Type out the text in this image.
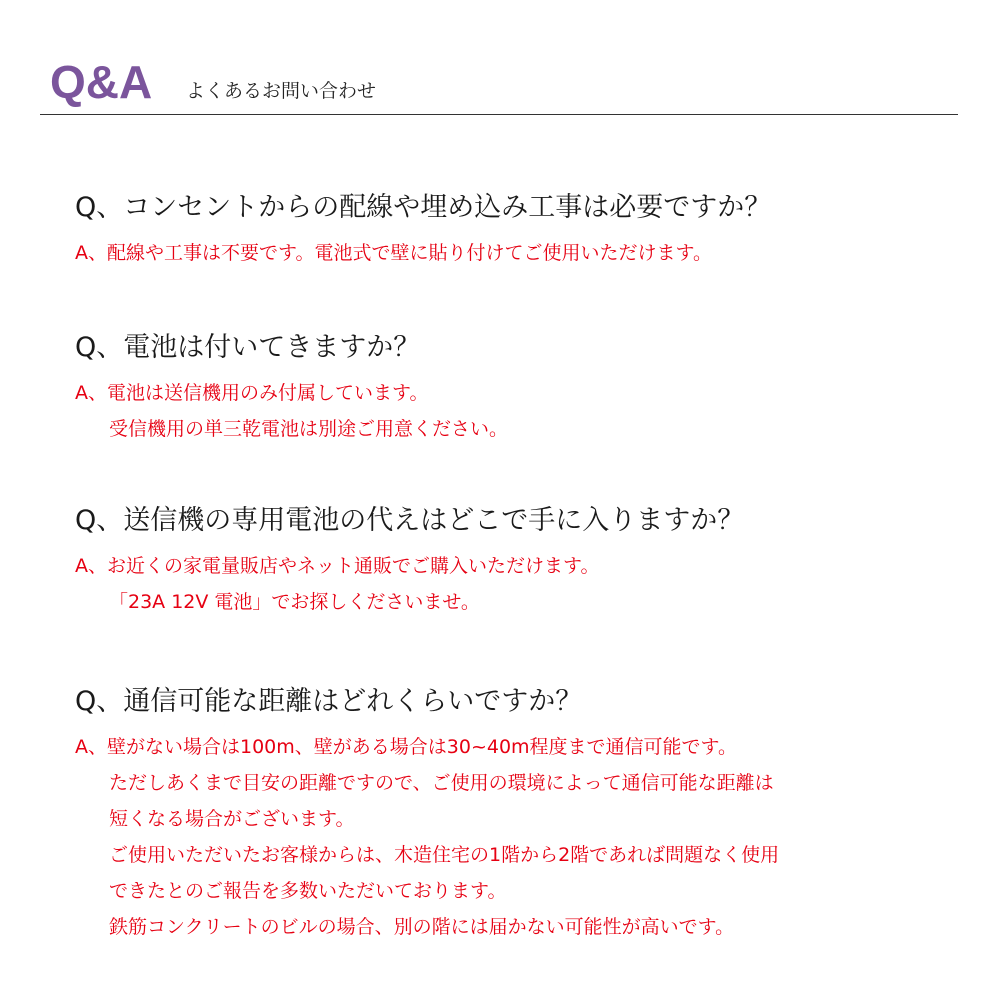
Q&A よくあるお問い合わせ

Q、コンセントからの配線や埋め込み工事は必要ですか？

A、配線や工事は不要です。電池式で壁に貼り付けてご使用いただけます。

Q、電池は付いてきますか？

A、電池は送信機用のみ付属しています。
受信機用の単三乾電池は別途ご用意ください。

Q、送信機の専用電池の代えはどこで手に入りますか？

A、お近くの家電量販店やネット通販でご購入いただけます。
「23A 12V 電池」でお探しくださいませ。

Q、通信可能な距離はどれくらいですか？

A、壁がない場合は100m、壁がある場合は30~40m程度まで通信可能です。
ただしあくまで目安の距離ですので、ご使用の環境によって通信可能な距離は
短くなる場合がございます。
ご使用いただいたお客様からは、木造住宅の1階から2階であれば問題なく使用
できたとのご報告を多数いただいております。
鉄筋コンクリートのビルの場合、別の階には届かない可能性が高いです。
